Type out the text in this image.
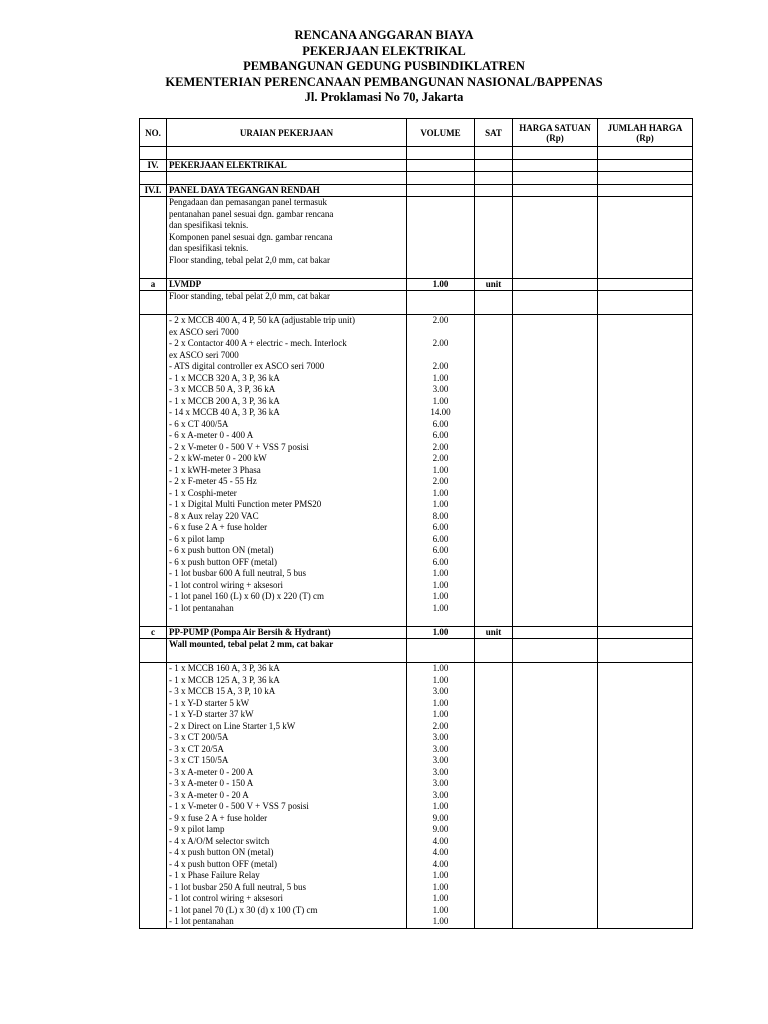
RENCANA ANGGARAN BIAYA
PEKERJAAN ELEKTRIKAL
PEMBANGUNAN GEDUNG PUSBINDIKLATREN
KEMENTERIAN PERENCANAAN PEMBANGUNAN NASIONAL/BAPPENAS
Jl. Proklamasi No 70, Jakarta
NO.	URAIAN PEKERJAAN	VOLUME	SAT	HARGA SATUAN (Rp)	JUMLAH HARGA (Rp)

IV.	PEKERJAAN ELEKTRIKAL				

IV.I.	PANEL DAYA TEGANGAN RENDAH				
	Pengadaan dan pemasangan panel termasuk				
	pentanahan panel sesuai dgn. gambar rencana				
	dan spesifikasi teknis.				
	Komponen panel sesuai dgn. gambar rencana				
	dan spesifikasi teknis.				
	Floor standing, tebal pelat 2,0 mm, cat bakar				

a	LVMDP	1.00	unit		
	Floor standing, tebal pelat 2,0 mm, cat bakar				

	- 2 x MCCB 400 A, 4 P, 50 kA (adjustable trip unit)	2.00			
	ex ASCO seri 7000				
	- 2 x Contactor 400 A + electric - mech. Interlock	2.00			
	ex ASCO seri 7000				
	- ATS digital controller ex ASCO seri 7000	2.00			
	- 1 x MCCB 320 A, 3 P, 36 kA	1.00			
	- 3 x MCCB 50 A, 3 P, 36 kA	3.00			
	- 1 x MCCB 200 A, 3 P, 36 kA	1.00			
	- 14 x MCCB 40 A, 3 P, 36 kA	14.00			
	- 6 x CT 400/5A	6.00			
	- 6 x A-meter 0 - 400 A	6.00			
	- 2 x V-meter 0 - 500 V + VSS 7 posisi	2.00			
	- 2 x kW-meter 0 - 200 kW	2.00			
	- 1 x kWH-meter 3 Phasa	1.00			
	- 2 x F-meter 45 - 55 Hz	2.00			
	- 1 x Cosphi-meter	1.00			
	- 1 x Digital Multi Function meter PMS20	1.00			
	- 8 x Aux relay 220 VAC	8.00			
	- 6 x fuse 2 A + fuse holder	6.00			
	- 6 x pilot lamp	6.00			
	- 6 x push button ON (metal)	6.00			
	- 6 x push button OFF (metal)	6.00			
	- 1 lot busbar 600 A full neutral, 5 bus	1.00			
	- 1 lot control wiring + aksesori	1.00			
	- 1 lot panel 160 (L) x 60 (D) x 220 (T) cm	1.00			
	- 1 lot pentanahan	1.00			

c	PP-PUMP (Pompa Air Bersih & Hydrant)	1.00	unit		
	Wall mounted, tebal pelat 2 mm, cat bakar				

	- 1 x MCCB 160 A, 3 P, 36 kA	1.00			
	- 1 x MCCB 125 A, 3 P, 36 kA	1.00			
	- 3 x MCCB 15 A, 3 P, 10 kA	3.00			
	- 1 x Y-D starter 5 kW	1.00			
	- 1 x Y-D starter 37 kW	1.00			
	- 2 x Direct on Line Starter 1,5 kW	2.00			
	- 3 x CT 200/5A	3.00			
	- 3 x CT 20/5A	3.00			
	- 3 x CT 150/5A	3.00			
	- 3 x A-meter 0 - 200 A	3.00			
	- 3 x A-meter 0 - 150 A	3.00			
	- 3 x A-meter 0 - 20 A	3.00			
	- 1 x V-meter 0 - 500 V + VSS 7 posisi	1.00			
	- 9 x fuse 2 A + fuse holder	9.00			
	- 9 x pilot lamp	9.00			
	- 4 x A/O/M selector switch	4.00			
	- 4 x push button ON (metal)	4.00			
	- 4 x push button OFF (metal)	4.00			
	- 1 x Phase Failure Relay	1.00			
	- 1 lot busbar 250 A full neutral, 5 bus	1.00			
	- 1 lot control wiring + aksesori	1.00			
	- 1 lot panel 70 (L) x 30 (d) x 100 (T) cm	1.00			
	- 1 lot pentanahan	1.00			
